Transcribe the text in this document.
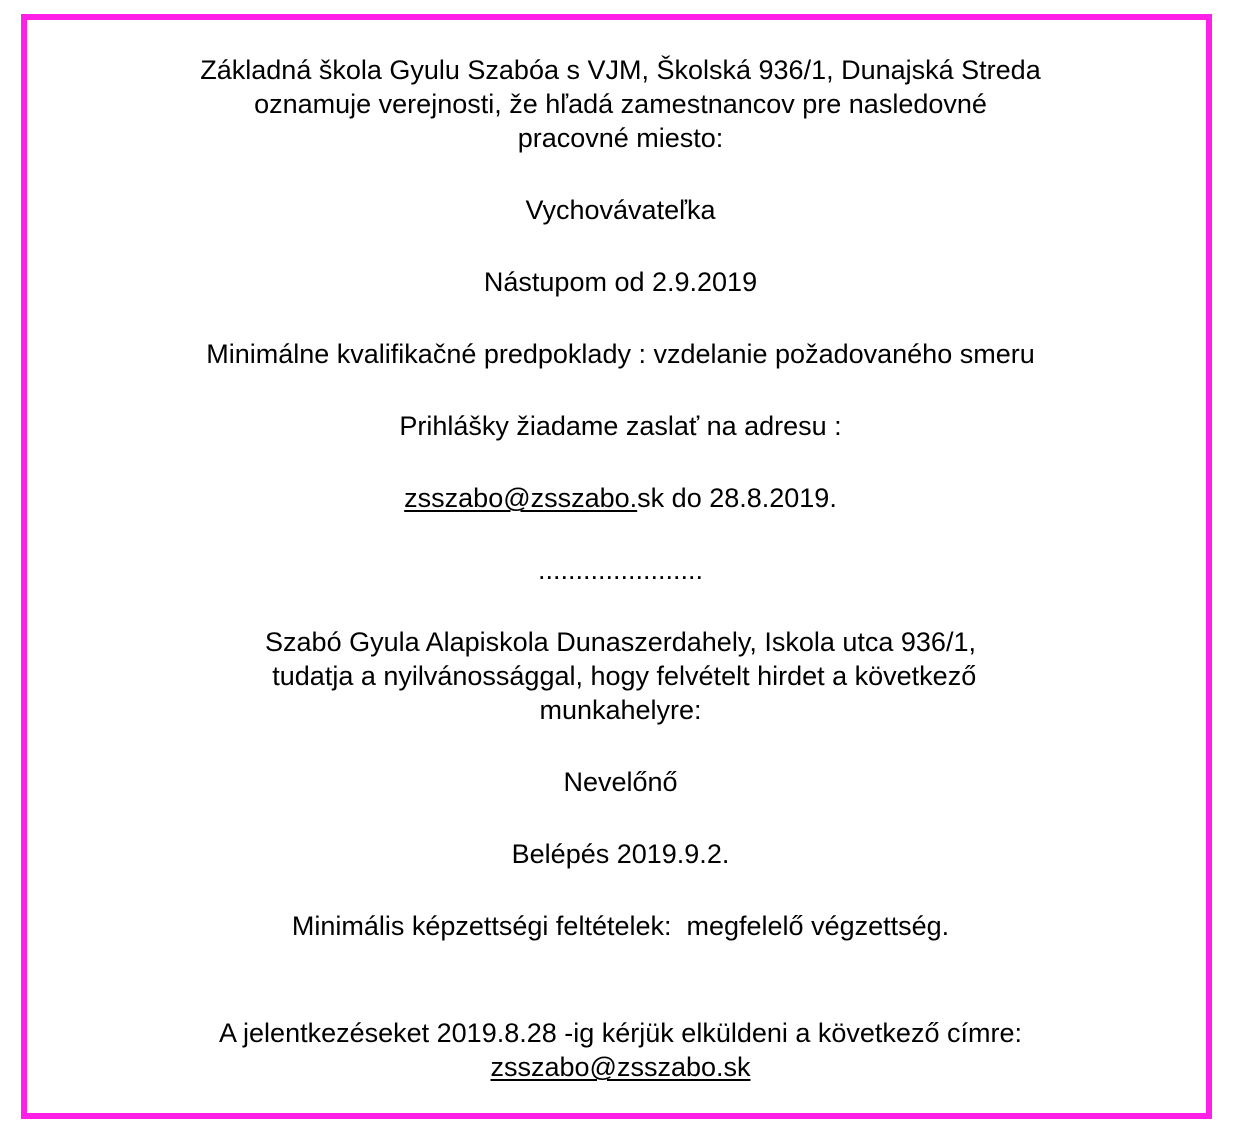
Základná škola Gyulu Szabóa s VJM, Školská 936/1, Dunajská Streda
oznamuje verejnosti, že hľadá zamestnancov pre nasledovné
pracovné miesto:
Vychovávateľka
Nástupom od 2.9.2019
Minimálne kvalifikačné predpoklady : vzdelanie požadovaného smeru
Prihlášky žiadame zaslať na adresu :
zsszabo@zsszabo.sk do 28.8.2019.
......................
Szabó Gyula Alapiskola Dunaszerdahely, Iskola utca 936/1,
tudatja a nyilvánossággal, hogy felvételt hirdet a következő
munkahelyre:
Nevelőnő
Belépés 2019.9.2.
Minimális képzettségi feltételek:  megfelelő végzettség.
A jelentkezéseket 2019.8.28 -ig kérjük elküldeni a következő címre:
zsszabo@zsszabo.sk
